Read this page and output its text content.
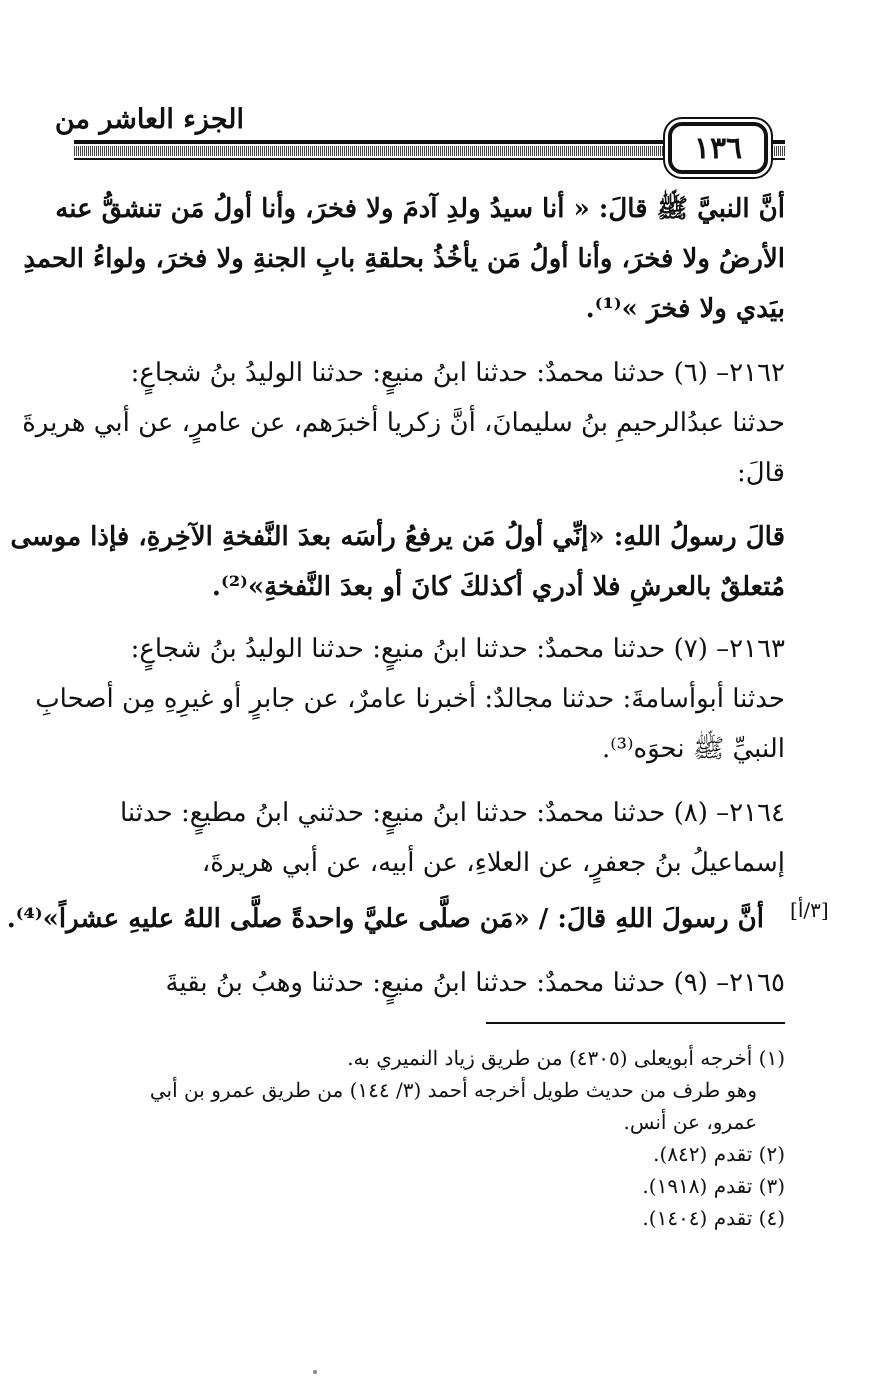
الجزء العاشر من
١٣٦
أنَّ النبيَّ ﷺ قالَ: « أنا سيدُ ولدِ آدمَ ولا فخرَ، وأنا أولُ مَن تنشقُّ عنه
الأرضُ ولا فخرَ، وأنا أولُ مَن يأخُذُ بحلقةِ بابِ الجنةِ ولا فخرَ، ولواءُ الحمدِ
بيَدي ولا فخرَ »⁽¹⁾.
٢١٦٢– (٦) حدثنا محمدٌ: حدثنا ابنُ منيعٍ: حدثنا الوليدُ بنُ شجاعٍ:
حدثنا عبدُالرحيمِ بنُ سليمانَ، أنَّ زكريا أخبرَهم، عن عامرٍ، عن أبي هريرةَ
قالَ:
قالَ رسولُ اللهِ: «إنِّي أولُ مَن يرفعُ رأسَه بعدَ النَّفخةِ الآخِرةِ، فإذا موسى
مُتعلقٌ بالعرشِ فلا أدري أكذلكَ كانَ أو بعدَ النَّفخةِ»⁽²⁾.
٢١٦٣– (٧) حدثنا محمدٌ: حدثنا ابنُ منيعٍ: حدثنا الوليدُ بنُ شجاعٍ:
حدثنا أبوأسامةَ: حدثنا مجالدٌ: أخبرنا عامرٌ، عن جابرٍ أو غيرِهِ مِن أصحابِ
النبيِّ ﷺ نحوَه⁽³⁾.
٢١٦٤– (٨) حدثنا محمدٌ: حدثنا ابنُ منيعٍ: حدثني ابنُ مطيعٍ: حدثنا
إسماعيلُ بنُ جعفرٍ، عن العلاءِ، عن أبيه، عن أبي هريرةَ،
أنَّ رسولَ اللهِ قالَ: / «مَن صلَّى عليَّ واحدةً صلَّى اللهُ عليهِ عشراً»⁽⁴⁾. [٣/أ]
٢١٦٥– (٩) حدثنا محمدٌ: حدثنا ابنُ منيعٍ: حدثنا وهبُ بنُ بقيةَ
(١) أخرجه أبويعلى (٤٣٠٥) من طريق زياد النميري به.
وهو طرف من حديث طويل أخرجه أحمد (٣/ ١٤٤) من طريق عمرو بن أبي
عمرو، عن أنس.
(٢) تقدم (٨٤٢).
(٣) تقدم (١٩١٨).
(٤) تقدم (١٤٠٤).
